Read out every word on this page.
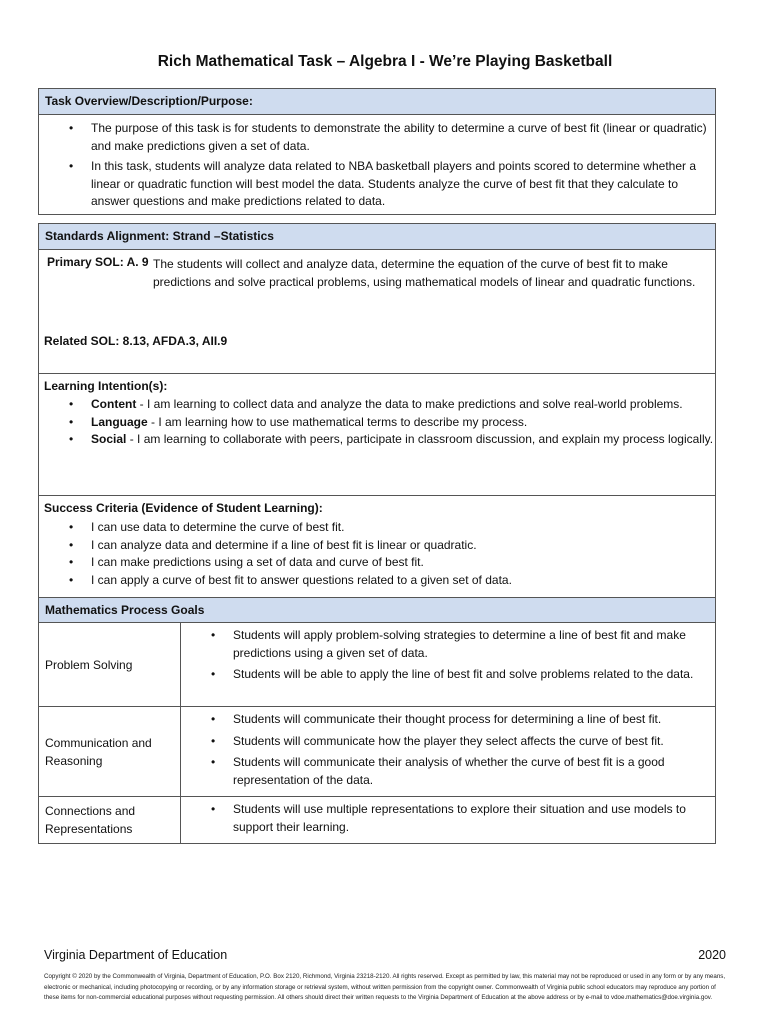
Rich Mathematical Task – Algebra I - We’re Playing Basketball
Task Overview/Description/Purpose:
• The purpose of this task is for students to demonstrate the ability to determine a curve of best fit (linear or quadratic) and make predictions given a set of data.
• In this task, students will analyze data related to NBA basketball players and points scored to determine whether a linear or quadratic function will best model the data. Students analyze the curve of best fit that they calculate to answer questions and make predictions related to data.
Standards Alignment: Strand –Statistics
Primary SOL: A. 9 The students will collect and analyze data, determine the equation of the curve of best fit to make predictions and solve practical problems, using mathematical models of linear and quadratic functions.
Related SOL: 8.13, AFDA.3, AII.9
Learning Intention(s):
• Content - I am learning to collect data and analyze the data to make predictions and solve real-world problems.
• Language - I am learning how to use mathematical terms to describe my process.
• Social - I am learning to collaborate with peers, participate in classroom discussion, and explain my process logically.
Success Criteria (Evidence of Student Learning):
• I can use data to determine the curve of best fit.
• I can analyze data and determine if a line of best fit is linear or quadratic.
• I can make predictions using a set of data and curve of best fit.
• I can apply a curve of best fit to answer questions related to a given set of data.
Mathematics Process Goals
Problem Solving
• Students will apply problem-solving strategies to determine a line of best fit and make predictions using a given set of data.
• Students will be able to apply the line of best fit and solve problems related to the data.
Communication and Reasoning
• Students will communicate their thought process for determining a line of best fit.
• Students will communicate how the player they select affects the curve of best fit.
• Students will communicate their analysis of whether the curve of best fit is a good representation of the data.
Connections and Representations
• Students will use multiple representations to explore their situation and use models to support their learning.
Virginia Department of Education	2020
Copyright © 2020 by the Commonwealth of Virginia, Department of Education, P.O. Box 2120, Richmond, Virginia 23218-2120. All rights reserved. Except as permitted by law, this material may not be reproduced or used in any form or by any means, electronic or mechanical, including photocopying or recording, or by any information storage or retrieval system, without written permission from the copyright owner. Commonwealth of Virginia public school educators may reproduce any portion of these items for non-commercial educational purposes without requesting permission. All others should direct their written requests to the Virginia Department of Education at the above address or by e-mail to vdoe.mathematics@doe.virginia.gov.
